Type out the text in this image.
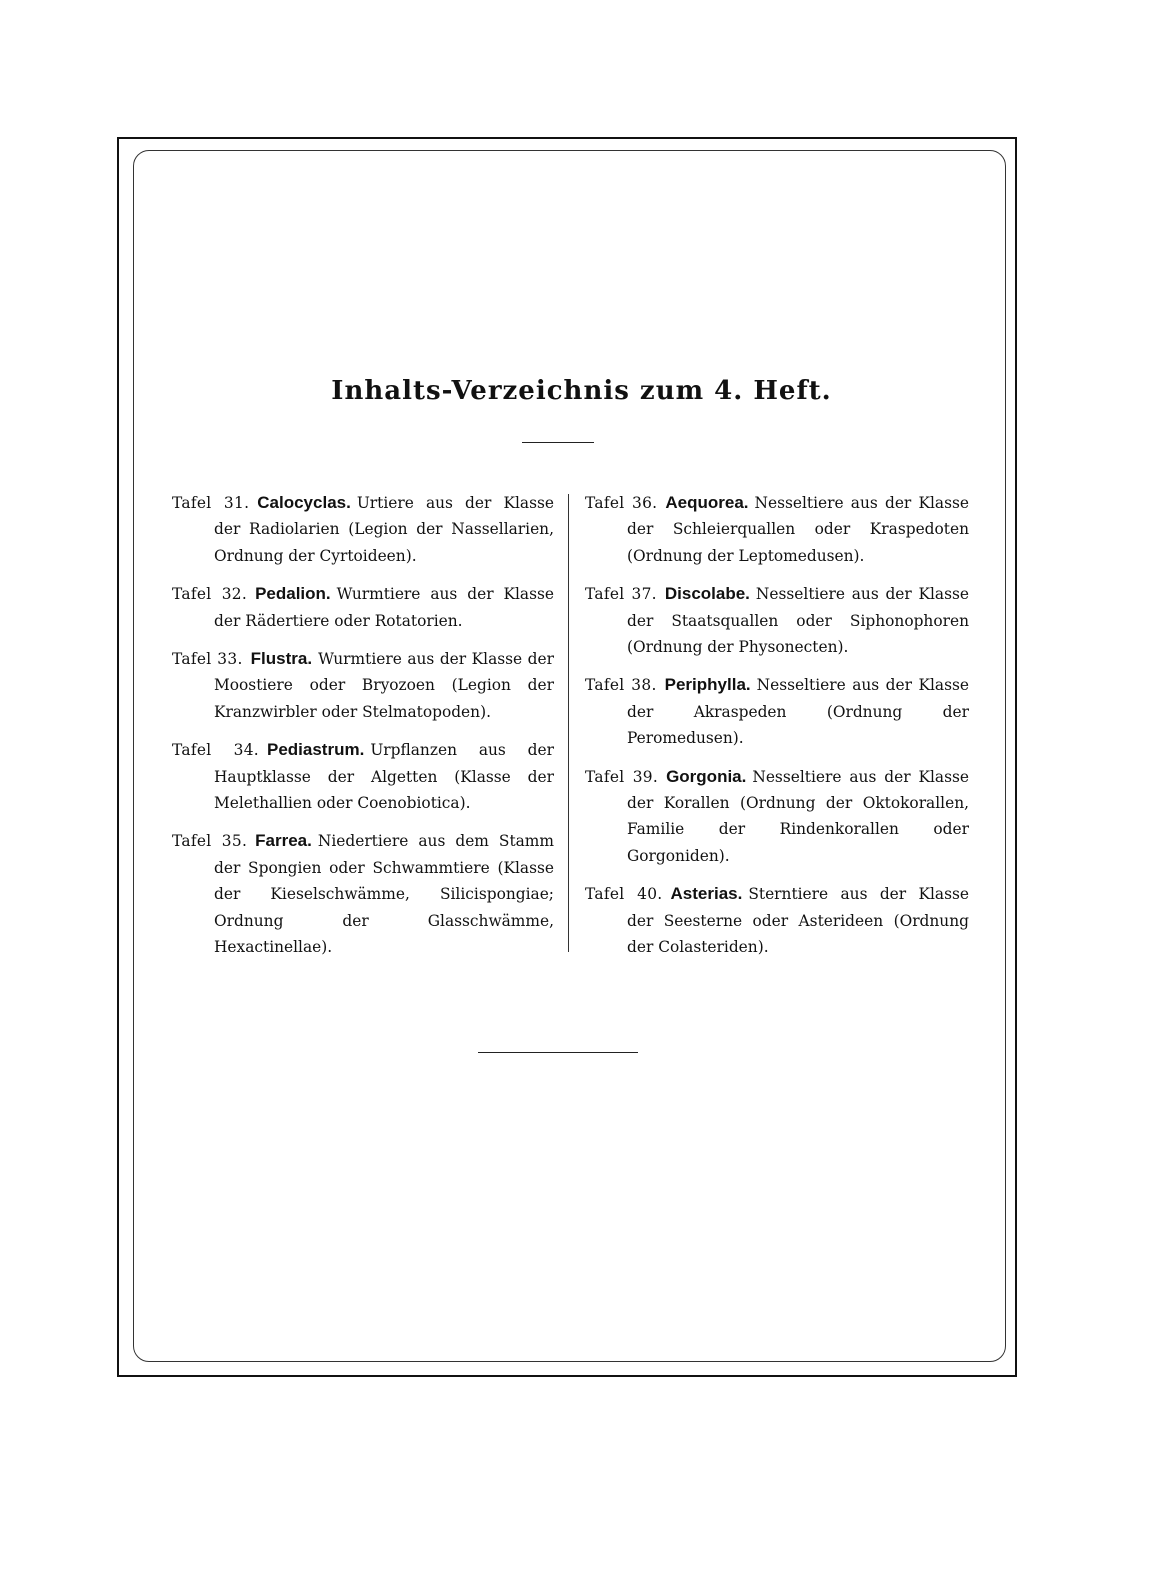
Inhalts-Verzeichnis zum 4. Heft.

Tafel 31. Calocyclas. Urtiere aus der Klasse der Radiolarien (Legion der Nassellarien, Ordnung der Cyrtoideen).

Tafel 32. Pedalion. Wurmtiere aus der Klasse der Rädertiere oder Rotatorien.

Tafel 33. Flustra. Wurmtiere aus der Klasse der Moostiere oder Bryozoen (Legion der Kranzwirbler oder Stelmatopoden).

Tafel 34. Pediastrum. Urpflanzen aus der Hauptklasse der Algetten (Klasse der Melethallien oder Coenobiotica).

Tafel 35. Farrea. Niedertiere aus dem Stamm der Spongien oder Schwammtiere (Klasse der Kieselschwämme, Silicispongiae; Ordnung der Glasschwämme, Hexactinellae).

Tafel 36. Aequorea. Nesseltiere aus der Klasse der Schleierquallen oder Kraspedoten (Ordnung der Leptomedusen).

Tafel 37. Discolabe. Nesseltiere aus der Klasse der Staatsquallen oder Siphonophoren (Ordnung der Physonecten).

Tafel 38. Periphylla. Nesseltiere aus der Klasse der Akraspeden (Ordnung der Peromedusen).

Tafel 39. Gorgonia. Nesseltiere aus der Klasse der Korallen (Ordnung der Oktokorallen, Familie der Rindenkorallen oder Gorgoniden).

Tafel 40. Asterias. Sterntiere aus der Klasse der Seesterne oder Asterideen (Ordnung der Colasteriden).
